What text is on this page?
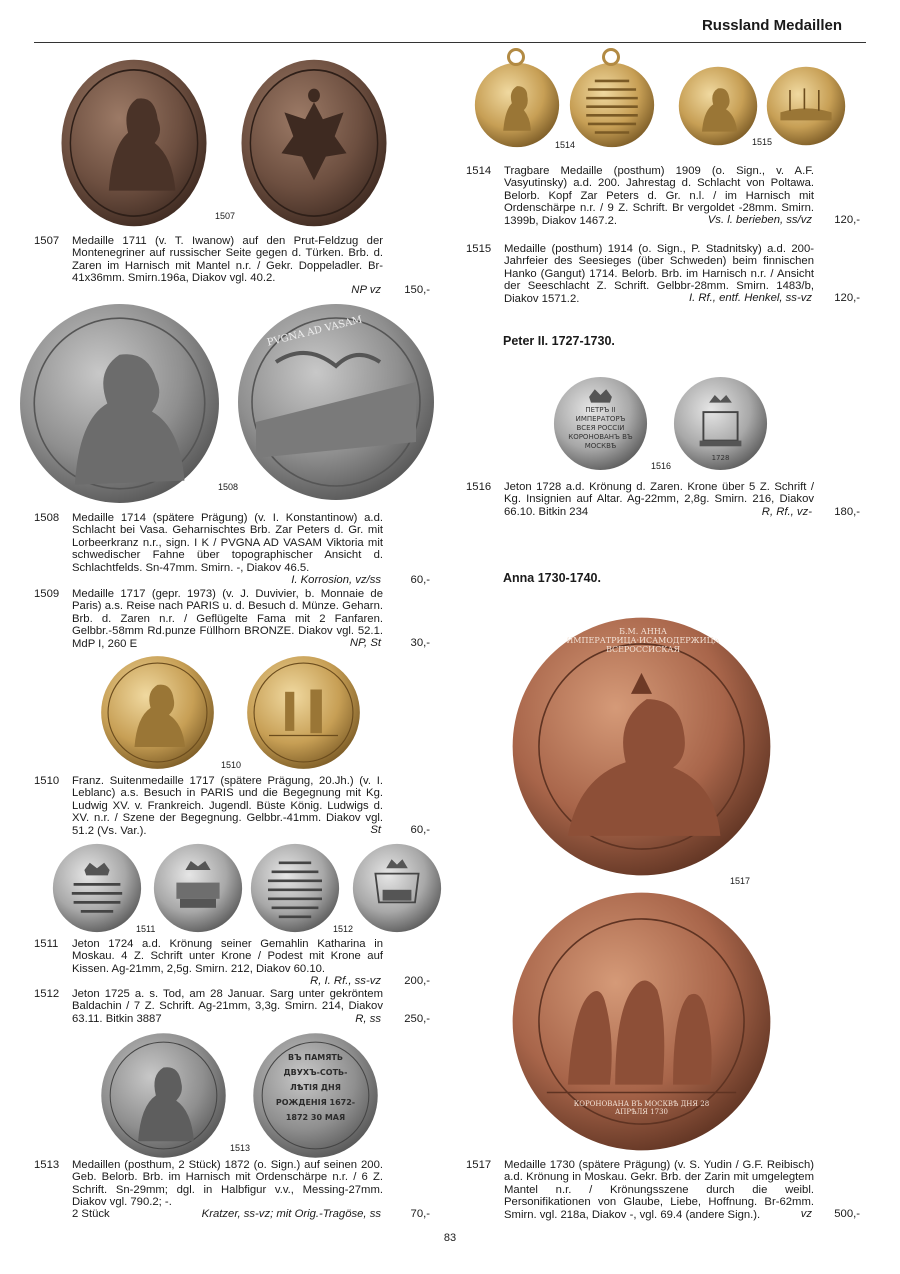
Russland Medaillen
1507
PVGNA AD VASAM
1508
1510
1511	1512
ВЪ ПАМЯТЬ ДВУХЪ-СОТЬ-ЛѢТІЯ ДНЯ РОЖДЕНІЯ 1672-1872 30 МАЯ
1513
1514	1515
ПЕТРЪ II ИМПЕРАТОРЪ ВСЕЯ РОССІИ КОРОНОВАНЪ ВЪ МОСКВѢ
1728
1516
Б.М. АННА ИМПЕРАТРИЦА·ИСАМОДЕРЖИЦА ВСЕРОССИСКАЯ
1517
КОРОНОВАНА ВЪ МОСКВѢ ДНЯ 28 АПРѢЛЯ 1730
Peter II. 1727-1730.
Anna 1730-1740.
1507 Medaille 1711 (v. T. Iwanow) auf den Prut-Feldzug der Montenegriner auf russischer Seite gegen d. Türken. Brb. d. Zaren im Harnisch mit Mantel n.r. / Gekr. Doppeladler. Br-41x36mm. Smirn.196a, Diakov vgl. 40.2.
NP vz 150,-
1508 Medaille 1714 (spätere Prägung) (v. I. Konstantinow) a.d. Schlacht bei Vasa. Geharnischtes Brb. Zar Peters d. Gr. mit Lorbeerkranz n.r., sign. I K / PVGNA AD VASAM Viktoria mit schwedischer Fahne über topographischer Ansicht d. Schlachtfelds. Sn-47mm. Smirn. -, Diakov 46.5.
I. Korrosion, vz/ss	60,-
1509 Medaille 1717 (gepr. 1973) (v. J. Duvivier, b. Monnaie de Paris) a.s. Reise nach PARIS u. d. Besuch d. Münze. Geharn. Brb. d. Zaren n.r. / Geflügelte Fama mit 2 Fanfaren. Gelbbr.-58mm Rd.punze Füllhorn BRONZE. Diakov vgl. 52.1. MdP I, 260 E	NP, St	30,-
1510 Franz. Suitenmedaille 1717 (spätere Prägung, 20.Jh.) (v. I. Leblanc) a.s. Besuch in PARIS und die Begegnung mit Kg. Ludwig XV. v. Frankreich. Jugendl. Büste König. Ludwigs d. XV. n.r. / Szene der Begegnung. Gelbbr.-41mm. Diakov vgl. 51.2 (Vs. Var.).	St	60,-
1511 Jeton 1724 a.d. Krönung seiner Gemahlin Katharina in Moskau. 4 Z. Schrift unter Krone / Podest mit Krone auf Kissen. Ag-21mm, 2,5g. Smirn. 212, Diakov 60.10.
R, I. Rf., ss-vz 200,-
1512 Jeton 1725 a. s. Tod, am 28 Januar. Sarg unter gekröntem Baldachin / 7 Z. Schrift. Ag-21mm, 3,3g. Smirn. 214, Diakov 63.11. Bitkin 3887	R, ss 250,-
1513 Medaillen (posthum, 2 Stück) 1872 (o. Sign.) auf seinen 200. Geb. Belorb. Brb. im Harnisch mit Ordenschärpe n.r. / 6 Z. Schrift. Sn-29mm; dgl. in Halbfigur v.v., Messing-27mm. Diakov vgl. 790.2; -.
2 Stück	Kratzer, ss-vz; mit Orig.-Tragöse, ss	70,-
1514 Tragbare Medaille (posthum) 1909 (o. Sign., v. A.F. Vasyutinsky) a.d. 200. Jahrestag d. Schlacht von Poltawa. Belorb. Kopf Zar Peters d. Gr. n.l. / im Harnisch mit Ordenschärpe n.r. / 9 Z. Schrift. Br vergoldet -28mm. Smirn. 1399b, Diakov 1467.2.	Vs. l. berieben, ss/vz 120,-
1515 Medaille (posthum) 1914 (o. Sign., P. Stadnitsky) a.d. 200-Jahrfeier des Seesieges (über Schweden) beim finnischen Hanko (Gangut) 1714. Belorb. Brb. im Harnisch n.r. / Ansicht der Seeschlacht Z. Schrift. Gelbbr-28mm. Smirn. 1483/b, Diakov 1571.2.	I. Rf., entf. Henkel, ss-vz 120,-
1516 Jeton 1728 a.d. Krönung d. Zaren. Krone über 5 Z. Schrift / Kg. Insignien auf Altar. Ag-22mm, 2,8g. Smirn. 216, Diakov 66.10. Bitkin 234	R, Rf., vz- 180,-
1517 Medaille 1730 (spätere Prägung) (v. S. Yudin / G.F. Reibisch) a.d. Krönung in Moskau. Gekr. Brb. der Zarin mit umgelegtem Mantel n.r. / Krönungsszene durch die weibl. Personifikationen von Glaube, Liebe, Hoffnung. Br-62mm. Smirn. vgl. 218a, Diakov -, vgl. 69.4 (andere Sign.).	vz 500,-
83
